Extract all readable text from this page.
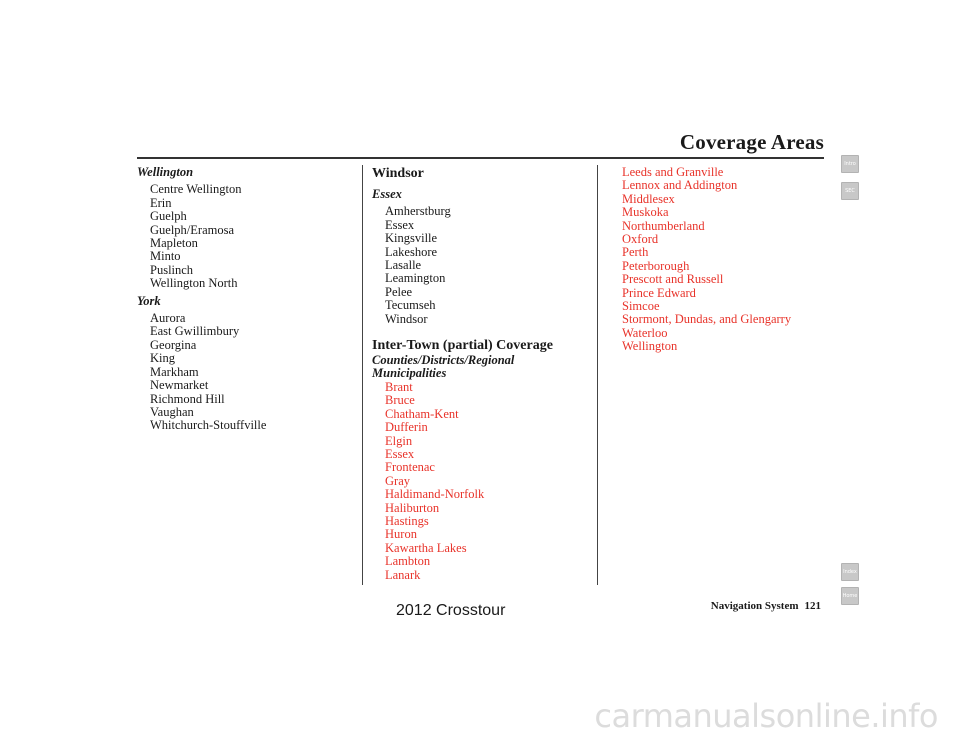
Coverage Areas
Intro
SEC
Index
Home
Wellington
Centre Wellington
Erin
Guelph
Guelph/Eramosa
Mapleton
Minto
Puslinch
Wellington North
York
Aurora
East Gwillimbury
Georgina
King
Markham
Newmarket
Richmond Hill
Vaughan
Whitchurch-Stouffville
Windsor
Essex
Amherstburg
Essex
Kingsville
Lakeshore
Lasalle
Leamington
Pelee
Tecumseh
Windsor
Inter-Town (partial) Coverage
Counties/Districts/Regional
Municipalities
Brant
Bruce
Chatham-Kent
Dufferin
Elgin
Essex
Frontenac
Gray
Haldimand-Norfolk
Haliburton
Hastings
Huron
Kawartha Lakes
Lambton
Lanark
Leeds and Granville
Lennox and Addington
Middlesex
Muskoka
Northumberland
Oxford
Perth
Peterborough
Prescott and Russell
Prince Edward
Simcoe
Stormont, Dundas, and Glengarry
Waterloo
Wellington
Navigation System 121
2012 Crosstour
carmanualsonline.info
